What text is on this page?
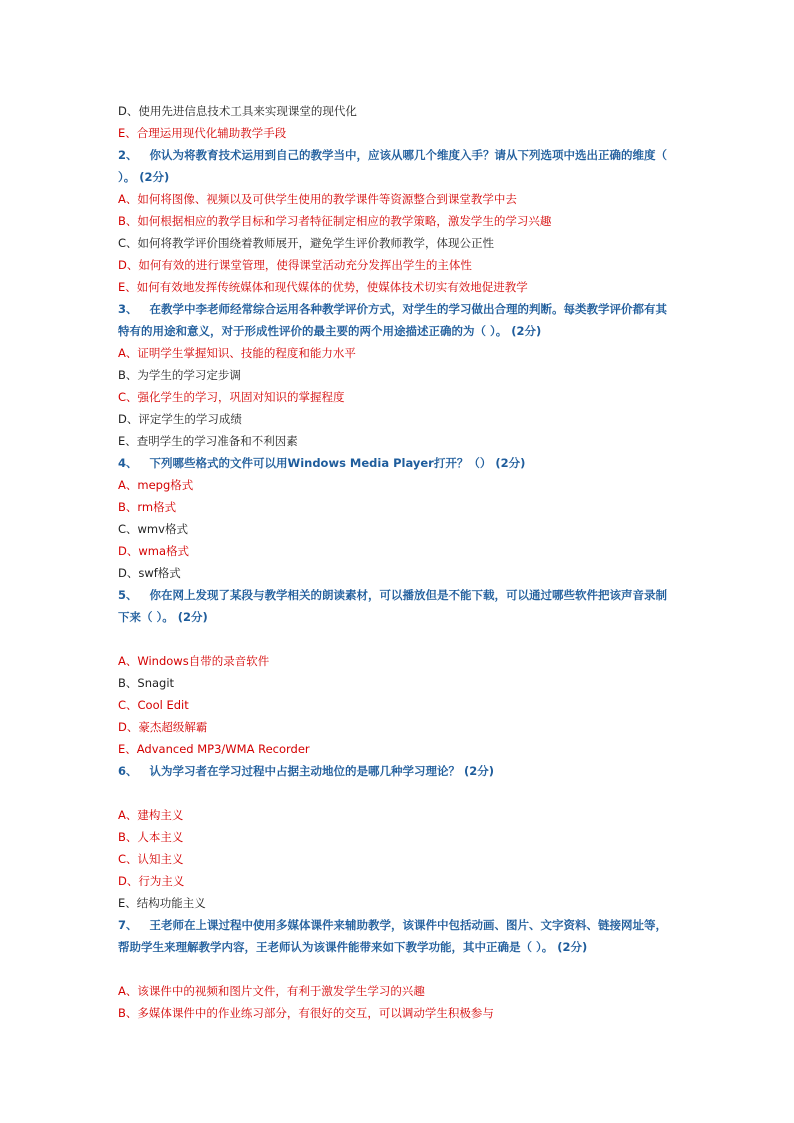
D、使用先进信息技术工具来实现课堂的现代化
E、合理运用现代化辅助教学手段
2、 你认为将教育技术运用到自己的教学当中，应该从哪几个维度入手？请从下列选项中选出正确的维度（ ）。 (2分)
A、如何将图像、视频以及可供学生使用的教学课件等资源整合到课堂教学中去
B、如何根据相应的教学目标和学习者特征制定相应的教学策略，激发学生的学习兴趣
C、如何将教学评价围绕着教师展开，避免学生评价教师教学，体现公正性
D、如何有效的进行课堂管理，使得课堂活动充分发挥出学生的主体性
E、如何有效地发挥传统媒体和现代媒体的优势，使媒体技术切实有效地促进教学
3、 在教学中李老师经常综合运用各种教学评价方式，对学生的学习做出合理的判断。每类教学评价都有其特有的用途和意义，对于形成性评价的最主要的两个用途描述正确的为（ ）。 (2分)
A、证明学生掌握知识、技能的程度和能力水平
B、为学生的学习定步调
C、强化学生的学习，巩固对知识的掌握程度
D、评定学生的学习成绩
E、查明学生的学习准备和不利因素
4、 下列哪些格式的文件可以用Windows Media Player打开？（） (2分)
A、mepg格式
B、rm格式
C、wmv格式
D、wma格式
D、swf格式
5、 你在网上发现了某段与教学相关的朗读素材，可以播放但是不能下载，可以通过哪些软件把该声音录制下来（ ）。 (2分)
A、Windows自带的录音软件
B、Snagit
C、Cool Edit
D、豪杰超级解霸
E、Advanced MP3/WMA Recorder
6、 认为学习者在学习过程中占据主动地位的是哪几种学习理论？ (2分)
A、建构主义
B、人本主义
C、认知主义
D、行为主义
E、结构功能主义
7、 王老师在上课过程中使用多媒体课件来辅助教学，该课件中包括动画、图片、文字资料、链接网址等，帮助学生来理解教学内容，王老师认为该课件能带来如下教学功能，其中正确是（ ）。 (2分)
A、该课件中的视频和图片文件，有利于激发学生学习的兴趣
B、多媒体课件中的作业练习部分，有很好的交互，可以调动学生积极参与
